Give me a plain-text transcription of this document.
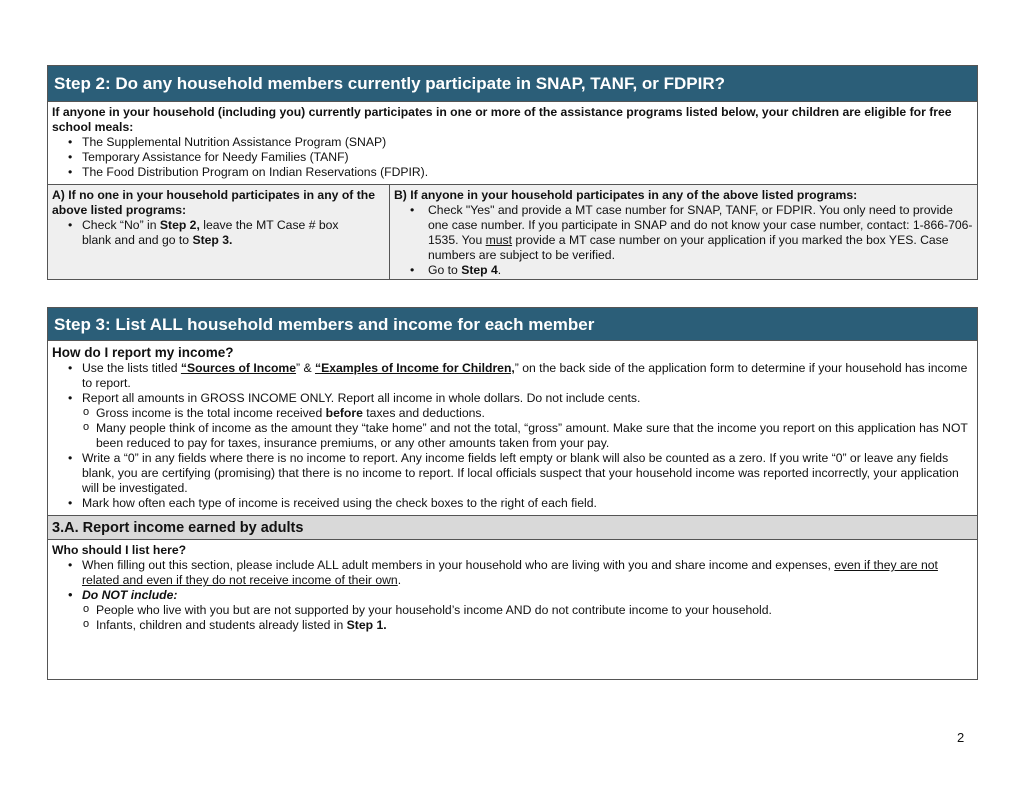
Step 2: Do any household members currently participate in SNAP, TANF, or FDPIR?
If anyone in your household (including you) currently participates in one or more of the assistance programs listed below, your children are eligible for free school meals:
• The Supplemental Nutrition Assistance Program (SNAP)
• Temporary Assistance for Needy Families (TANF)
• The Food Distribution Program on Indian Reservations (FDPIR).
A) If no one in your household participates in any of the above listed programs:
• Check “No” in Step 2, leave the MT Case # box blank and and go to Step 3.
B) If anyone in your household participates in any of the above listed programs:
• Check "Yes" and provide a MT case number for SNAP, TANF, or FDPIR. You only need to provide one case number. If you participate in SNAP and do not know your case number, contact: 1-866-706-1535. You must provide a MT case number on your application if you marked the box YES. Case numbers are subject to be verified.
• Go to Step 4.
Step 3: List ALL household members and income for each member
How do I report my income?
• Use the lists titled “Sources of Income” & “Examples of Income for Children,” on the back side of the application form to determine if your household has income to report.
• Report all amounts in GROSS INCOME ONLY. Report all income in whole dollars. Do not include cents.
o Gross income is the total income received before taxes and deductions.
o Many people think of income as the amount they “take home” and not the total, “gross” amount. Make sure that the income you report on this application has NOT been reduced to pay for taxes, insurance premiums, or any other amounts taken from your pay.
• Write a “0” in any fields where there is no income to report. Any income fields left empty or blank will also be counted as a zero. If you write “0” or leave any fields blank, you are certifying (promising) that there is no income to report. If local officials suspect that your household income was reported incorrectly, your application will be investigated.
• Mark how often each type of income is received using the check boxes to the right of each field.
3.A. Report income earned by adults
Who should I list here?
• When filling out this section, please include ALL adult members in your household who are living with you and share income and expenses, even if they are not related and even if they do not receive income of their own.
• Do NOT include:
o People who live with you but are not supported by your household’s income AND do not contribute income to your household.
o Infants, children and students already listed in Step 1.
2
